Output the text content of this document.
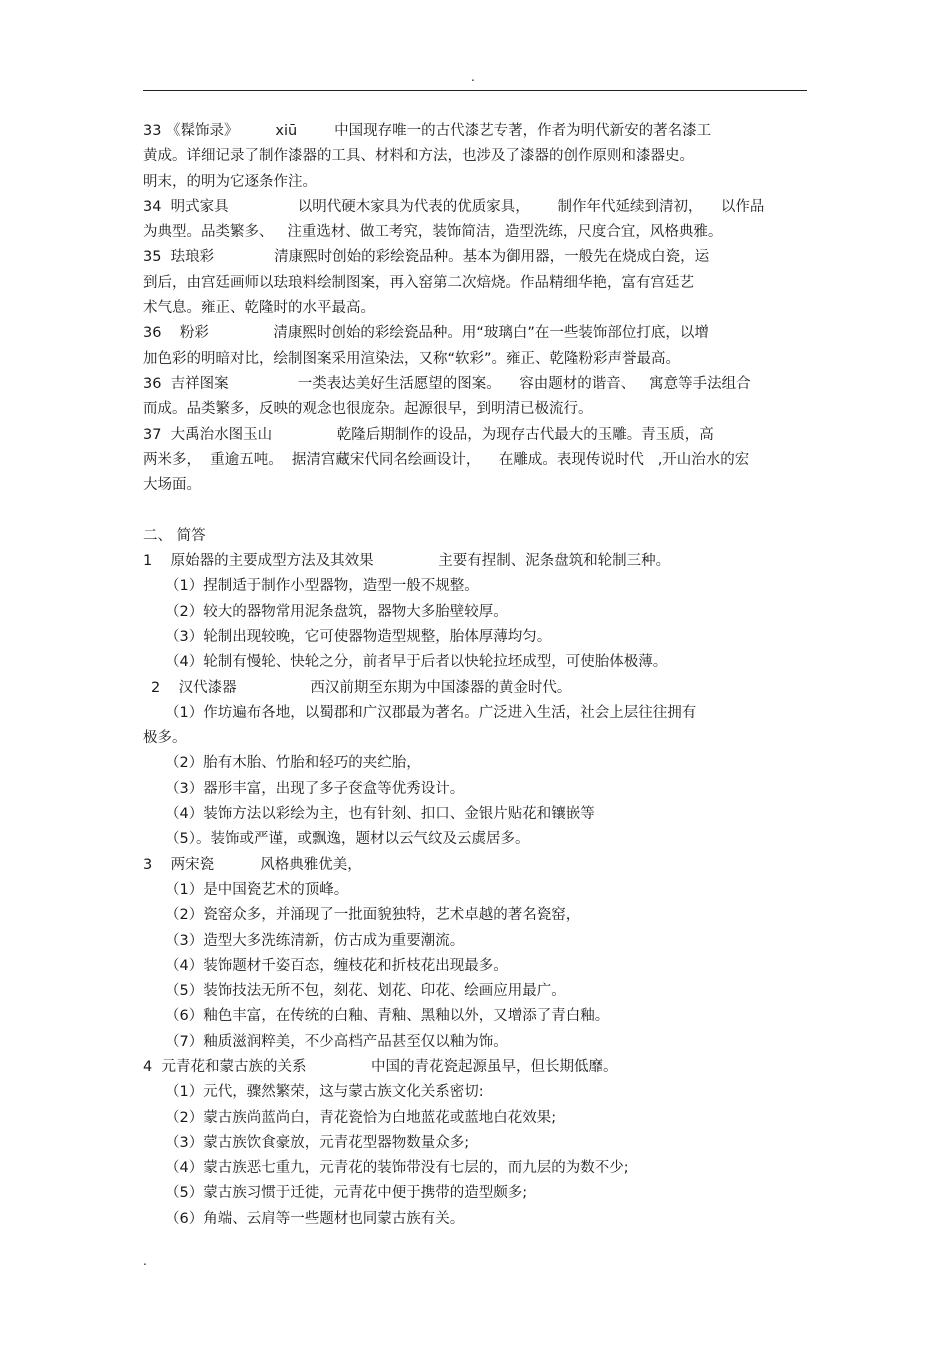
.
33 《髹饰录》        xiū        中国现存唯一的古代漆艺专著，作者为明代新安的著名漆工
黄成。详细记录了制作漆器的工具、材料和方法，也涉及了漆器的创作原则和漆器史。
明末，的明为它逐条作注。
34  明式家具               以明代硬木家具为代表的优质家具，      制作年代延续到清初，    以作品
为典型。品类繁多、   注重选材、做工考究，装饰简洁，造型洗练，尺度合宜，风格典雅。
35  珐琅彩             清康熙时创始的彩绘瓷品种。基本为御用器，一般先在烧成白瓷，运
到后，由宫廷画师以珐琅料绘制图案，再入窑第二次焙烧。作品精细华艳，富有宫廷艺
术气息。雍正、乾隆时的水平最高。
36    粉彩              清康熙时创始的彩绘瓷品种。用“玻璃白”在一些装饰部位打底，以增
加色彩的明暗对比，绘制图案采用渲染法，又称“软彩”。雍正、乾隆粉彩声誉最高。
36  吉祥图案               一类表达美好生活愿望的图案。    容由题材的谐音、   寓意等手法组合
而成。品类繁多，反映的观念也很庞杂。起源很早，到明清已极流行。
37  大禹治水图玉山              乾隆后期制作的设品，为现存古代最大的玉雕。青玉质，高
两米多，  重逾五吨。  据清宫藏宋代同名绘画设计，    在雕成。表现传说时代   ,开山治水的宏
大场面。
二、 简答
1    原始器的主要成型方法及其效果              主要有捏制、泥条盘筑和轮制三种。
（1）捏制适于制作小型器物，造型一般不规整。
（2）较大的器物常用泥条盘筑，器物大多胎壁较厚。
（3）轮制出现较晚，它可使器物造型规整，胎体厚薄均匀。
（4）轮制有慢轮、快轮之分，前者早于后者以快轮拉坯成型，可使胎体极薄。
2    汉代漆器                西汉前期至东期为中国漆器的黄金时代。
（1）作坊遍布各地，以蜀郡和广汉郡最为著名。广泛进入生活，社会上层往往拥有
极多。
（2）胎有木胎、竹胎和轻巧的夹纻胎，
（3）器形丰富，出现了多子奁盒等优秀设计。
（4）装饰方法以彩绘为主，也有针刻、扣口、金银片贴花和镶嵌等
（5）。装饰或严谨，或飘逸，题材以云气纹及云虡居多。
3    两宋瓷          风格典雅优美，
（1）是中国瓷艺术的顶峰。
（2）瓷窑众多，并涌现了一批面貌独特，艺术卓越的著名瓷窑，
（3）造型大多洗练清新，仿古成为重要潮流。
（4）装饰题材千姿百态，缠枝花和折枝花出现最多。
（5）装饰技法无所不包，刻花、划花、印花、绘画应用最广。
（6）釉色丰富，在传统的白釉、青釉、黑釉以外，又增添了青白釉。
（7）釉质滋润粹美，不少高档产品甚至仅以釉为饰。
4  元青花和蒙古族的关系              中国的青花瓷起源虽早，但长期低靡。
（1）元代，骤然繁荣，这与蒙古族文化关系密切:
（2）蒙古族尚蓝尚白，青花瓷恰为白地蓝花或蓝地白花效果;
（3）蒙古族饮食豪放，元青花型器物数量众多;
（4）蒙古族恶七重九，元青花的装饰带没有七层的，而九层的为数不少;
（5）蒙古族习惯于迁徙，元青花中便于携带的造型颇多;
（6）角端、云肩等一些题材也同蒙古族有关。
.
